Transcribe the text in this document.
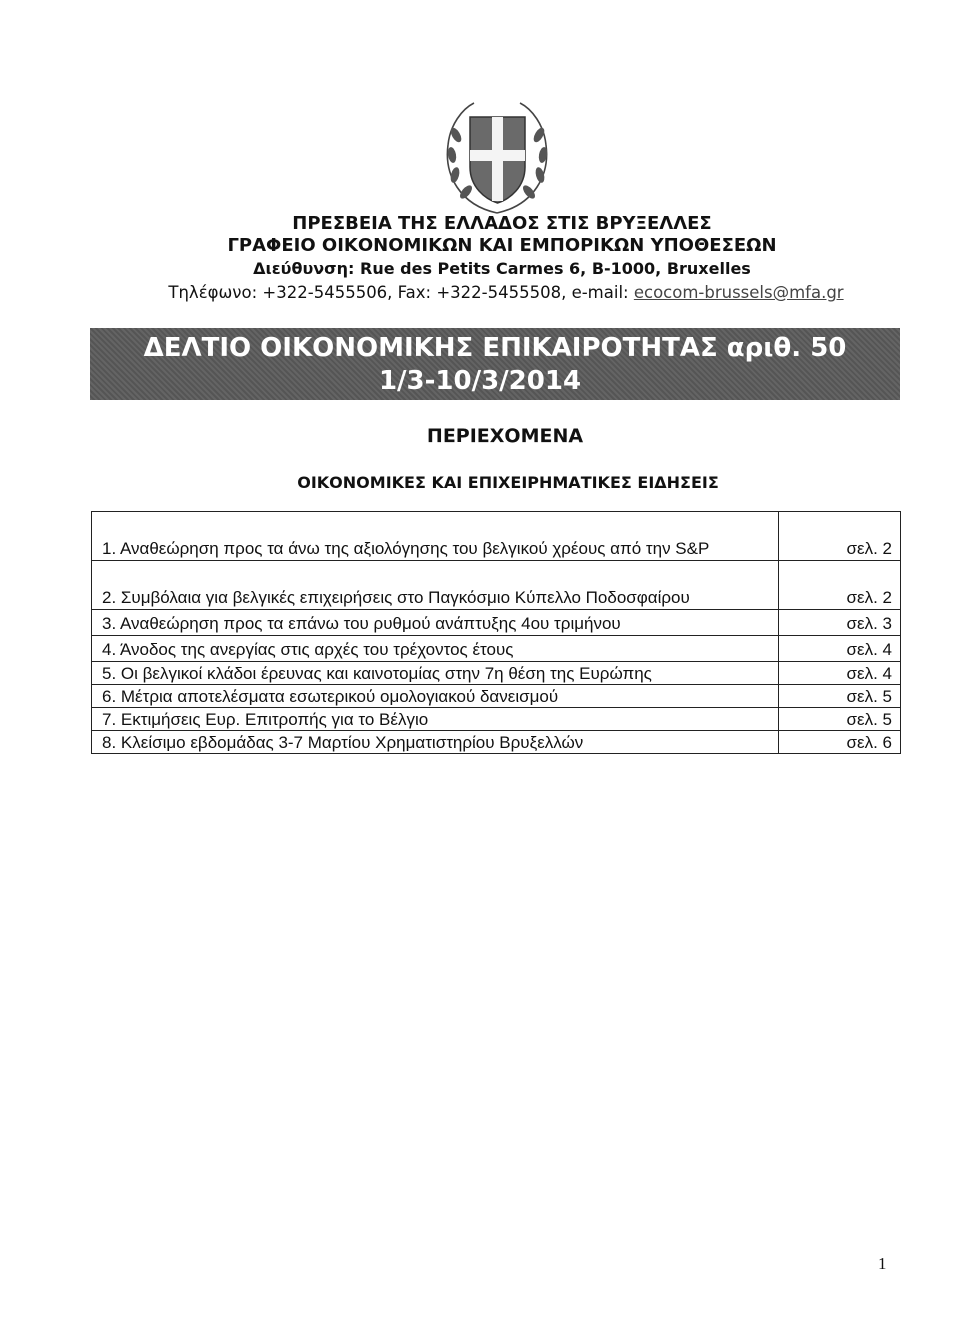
ΠΡΕΣΒΕΙΑ ΤΗΣ ΕΛΛΑΔΟΣ ΣΤΙΣ ΒΡΥΞΕΛΛΕΣ
ΓΡΑΦΕΙΟ ΟΙΚΟΝΟΜΙΚΩΝ ΚΑΙ ΕΜΠΟΡΙΚΩΝ ΥΠΟΘΕΣΕΩΝ
Διεύθυνση: Rue des Petits Carmes 6, B-1000, Bruxelles
Τηλέφωνο: +322-5455506, Fax: +322-5455508, e-mail: ecocom-brussels@mfa.gr
ΔΕΛΤΙΟ ΟΙΚΟΝΟΜΙΚΗΣ ΕΠΙΚΑΙΡΟΤΗΤΑΣ αριθ. 50
1/3-10/3/2014
ΠΕΡΙΕΧΟΜΕΝΑ
ΟΙΚΟΝΟΜΙΚΕΣ ΚΑΙ ΕΠΙΧΕΙΡΗΜΑΤΙΚΕΣ ΕΙΔΗΣΕΙΣ
1. Αναθεώρηση προς τα άνω της αξιολόγησης του βελγικού χρέους από την S&P	σελ. 2
2. Συμβόλαια για βελγικές επιχειρήσεις στο Παγκόσμιο Κύπελλο Ποδοσφαίρου	σελ. 2
3. Αναθεώρηση προς τα επάνω του ρυθμού ανάπτυξης 4ου τριμήνου	σελ. 3
4. Άνοδος της ανεργίας στις αρχές του τρέχοντος έτους	σελ. 4
5. Οι βελγικοί κλάδοι έρευνας και καινοτομίας στην 7η θέση της Ευρώπης	σελ. 4
6. Μέτρια αποτελέσματα εσωτερικού ομολογιακού δανεισμού	σελ. 5
7. Εκτιμήσεις Ευρ. Επιτροπής για το Βέλγιο	σελ. 5
8. Κλείσιμο εβδομάδας 3-7 Μαρτίου Χρηματιστηρίου Βρυξελλών	σελ. 6
1
